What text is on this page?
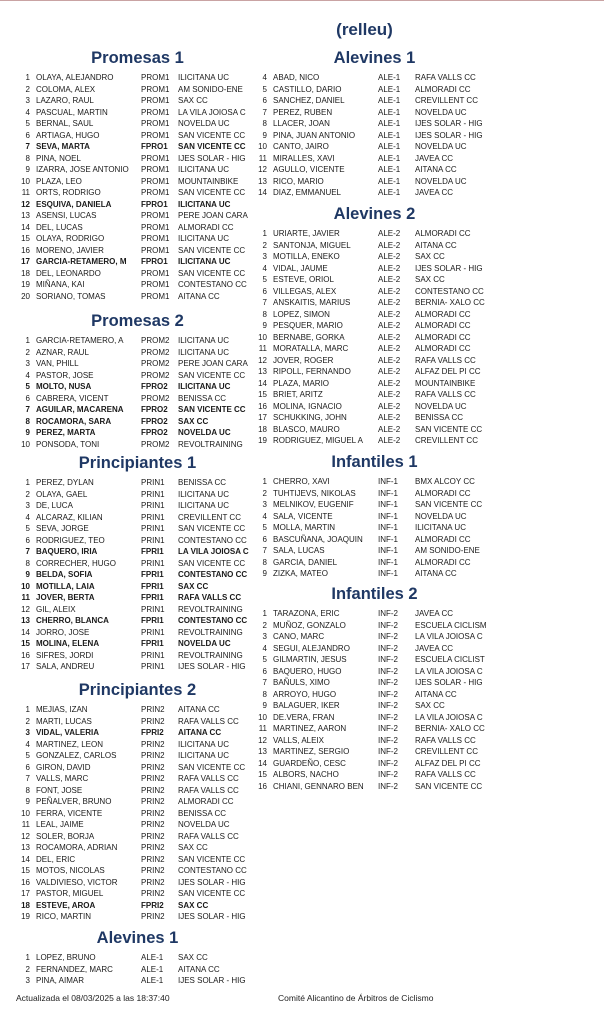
(relleu)
Promesas 1
1 OLAYA, ALEJANDRO	PROM1	ILICITANA UC
2 COLOMA, ALEX	PROM1	AM SONIDO-ENE
3 LAZARO, RAUL	PROM1	SAX CC
4 PASCUAL, MARTIN	PROM1	LA VILA JOIOSA C
5 BERNAL, SAUL	PROM1	NOVELDA UC
6 ARTIAGA, HUGO	PROM1	SAN VICENTE CC
7 SEVA, MARTA	FPRO1	SAN VICENTE CC
8 PINA, NOEL	PROM1	IJES SOLAR - HIG
9 IZARRA, JOSE ANTONIO	PROM1	ILICITANA UC
10 PLAZA, LEO	PROM1	MOUNTAINBIKE
11 ORTS, RODRIGO	PROM1	SAN VICENTE CC
12 ESQUIVA, DANIELA	FPRO1	ILICITANA UC
13 ASENSI, LUCAS	PROM1	PERE JOAN CARA
14 DEL, LUCAS	PROM1	ALMORADI CC
15 OLAYA, RODRIGO	PROM1	ILICITANA UC
16 MORENO, JAVIER	PROM1	SAN VICENTE CC
17 GARCIA-RETAMERO, M	FPRO1	ILICITANA UC
18 DEL, LEONARDO	PROM1	SAN VICENTE CC
19 MIÑANA, KAI	PROM1	CONTESTANO CC
20 SORIANO, TOMAS	PROM1	AITANA CC
Promesas 2
1 GARCIA-RETAMERO, A	PROM2	ILICITANA UC
2 AZNAR, RAUL	PROM2	ILICITANA UC
3 VAN, PHILL	PROM2	PERE JOAN CARA
4 PASTOR, JOSE	PROM2	SAN VICENTE CC
5 MOLTO, NUSA	FPRO2	ILICITANA UC
6 CABRERA, VICENT	PROM2	BENISSA CC
7 AGUILAR, MACARENA	FPRO2	SAN VICENTE CC
8 ROCAMORA, SARA	FPRO2	SAX CC
9 PEREZ, MARTA	FPRO2	NOVELDA UC
10 PONSODA, TONI	PROM2	REVOLTRAINING
Principiantes 1
1 PEREZ, DYLAN	PRIN1	BENISSA CC
2 OLAYA, GAEL	PRIN1	ILICITANA UC
3 DE, LUCA	PRIN1	ILICITANA UC
4 ALCARAZ, KILIAN	PRIN1	CREVILLENT CC
5 SEVA, JORGE	PRIN1	SAN VICENTE CC
6 RODRIGUEZ, TEO	PRIN1	CONTESTANO CC
7 BAQUERO, IRIA	FPRI1	LA VILA JOIOSA C
8 CORRECHER, HUGO	PRIN1	SAN VICENTE CC
9 BELDA, SOFIA	FPRI1	CONTESTANO CC
10 MOTILLA, LAIA	FPRI1	SAX CC
11 JOVER, BERTA	FPRI1	RAFA VALLS CC
12 GIL, ALEIX	PRIN1	REVOLTRAINING
13 CHERRO, BLANCA	FPRI1	CONTESTANO CC
14 JORRO, JOSE	PRIN1	REVOLTRAINING
15 MOLINA, ELENA	FPRI1	NOVELDA UC
16 SIFRES, JORDI	PRIN1	REVOLTRAINING
17 SALA, ANDREU	PRIN1	IJES SOLAR - HIG
Principiantes 2
1 MEJIAS, IZAN	PRIN2	AITANA CC
2 MARTI, LUCAS	PRIN2	RAFA VALLS CC
3 VIDAL, VALERIA	FPRI2	AITANA CC
4 MARTINEZ, LEON	PRIN2	ILICITANA UC
5 GONZALEZ, CARLOS	PRIN2	ILICITANA UC
6 GIRON, DAVID	PRIN2	SAN VICENTE CC
7 VALLS, MARC	PRIN2	RAFA VALLS CC
8 FONT, JOSE	PRIN2	RAFA VALLS CC
9 PEÑALVER, BRUNO	PRIN2	ALMORADI CC
10 FERRA, VICENTE	PRIN2	BENISSA CC
11 LEAL, JAIME	PRIN2	NOVELDA UC
12 SOLER, BORJA	PRIN2	RAFA VALLS CC
13 ROCAMORA, ADRIAN	PRIN2	SAX CC
14 DEL, ERIC	PRIN2	SAN VICENTE CC
15 MOTOS, NICOLAS	PRIN2	CONTESTANO CC
16 VALDIVIESO, VICTOR	PRIN2	IJES SOLAR - HIG
17 PASTOR, MIGUEL	PRIN2	SAN VICENTE CC
18 ESTEVE, AROA	FPRI2	SAX CC
19 RICO, MARTIN	PRIN2	IJES SOLAR - HIG
Alevines 1
1 LOPEZ, BRUNO	ALE-1	SAX CC
2 FERNANDEZ, MARC	ALE-1	AITANA CC
3 PINA, AIMAR	ALE-1	IJES SOLAR - HIG
Alevines 1
4 ABAD, NICO	ALE-1	RAFA VALLS CC
5 CASTILLO, DARIO	ALE-1	ALMORADI CC
6 SANCHEZ, DANIEL	ALE-1	CREVILLENT CC
7 PEREZ, RUBEN	ALE-1	NOVELDA UC
8 LLACER, JOAN	ALE-1	IJES SOLAR - HIG
9 PINA, JUAN ANTONIO	ALE-1	IJES SOLAR - HIG
10 CANTO, JAIRO	ALE-1	NOVELDA UC
11 MIRALLES, XAVI	ALE-1	JAVEA CC
12 AGULLO, VICENTE	ALE-1	AITANA CC
13 RICO, MARIO	ALE-1	NOVELDA UC
14 DIAZ, EMMANUEL	ALE-1	JAVEA CC
Alevines 2
1 URIARTE, JAVIER	ALE-2	ALMORADI CC
2 SANTONJA, MIGUEL	ALE-2	AITANA CC
3 MOTILLA, ENEKO	ALE-2	SAX CC
4 VIDAL, JAUME	ALE-2	IJES SOLAR - HIG
5 ESTEVE, ORIOL	ALE-2	SAX CC
6 VILLEGAS, ALEX	ALE-2	CONTESTANO CC
7 ANSKAITIS, MARIUS	ALE-2	BERNIA- XALO CC
8 LOPEZ, SIMON	ALE-2	ALMORADI CC
9 PESQUER, MARIO	ALE-2	ALMORADI CC
10 BERNABE, GORKA	ALE-2	ALMORADI CC
11 MORATALLA, MARC	ALE-2	ALMORADI CC
12 JOVER, ROGER	ALE-2	RAFA VALLS CC
13 RIPOLL, FERNANDO	ALE-2	ALFAZ DEL PI CC
14 PLAZA, MARIO	ALE-2	MOUNTAINBIKE
15 BRIET, ARITZ	ALE-2	RAFA VALLS CC
16 MOLINA, IGNACIO	ALE-2	NOVELDA UC
17 SCHUKKING, JOHN	ALE-2	BENISSA CC
18 BLASCO, MAURO	ALE-2	SAN VICENTE CC
19 RODRIGUEZ, MIGUEL A	ALE-2	CREVILLENT CC
Infantiles 1
1 CHERRO, XAVI	INF-1	BMX ALCOY CC
2 TUHTIJEVS, NIKOLAS	INF-1	ALMORADI CC
3 MELNIKOV, EUGENIF	INF-1	SAN VICENTE CC
4 SALA, VICENTE	INF-1	NOVELDA UC
5 MOLLA, MARTIN	INF-1	ILICITANA UC
6 BASCUÑANA, JOAQUIN	INF-1	ALMORADI CC
7 SALA, LUCAS	INF-1	AM SONIDO-ENE
8 GARCIA, DANIEL	INF-1	ALMORADI CC
9 ZIZKA, MATEO	INF-1	AITANA CC
Infantiles 2
1 TARAZONA, ERIC	INF-2	JAVEA CC
2 MUÑOZ, GONZALO	INF-2	ESCUELA CICLISM
3 CANO, MARC	INF-2	LA VILA JOIOSA C
4 SEGUI, ALEJANDRO	INF-2	JAVEA CC
5 GILMARTIN, JESUS	INF-2	ESCUELA CICLIST
6 BAQUERO, HUGO	INF-2	LA VILA JOIOSA C
7 BAÑULS, XIMO	INF-2	IJES SOLAR - HIG
8 ARROYO, HUGO	INF-2	AITANA CC
9 BALAGUER, IKER	INF-2	SAX CC
10 DE.VERA, FRAN	INF-2	LA VILA JOIOSA C
11 MARTINEZ, AARON	INF-2	BERNIA- XALO CC
12 VALLS, ALEIX	INF-2	RAFA VALLS CC
13 MARTINEZ, SERGIO	INF-2	CREVILLENT CC
14 GUARDEÑO, CESC	INF-2	ALFAZ DEL PI CC
15 ALBORS, NACHO	INF-2	RAFA VALLS CC
16 CHIANI, GENNARO BEN	INF-2	SAN VICENTE CC
Actualizada el 08/03/2025 a las 18:37:40	Comité Alicantino de Árbitros de Ciclismo
